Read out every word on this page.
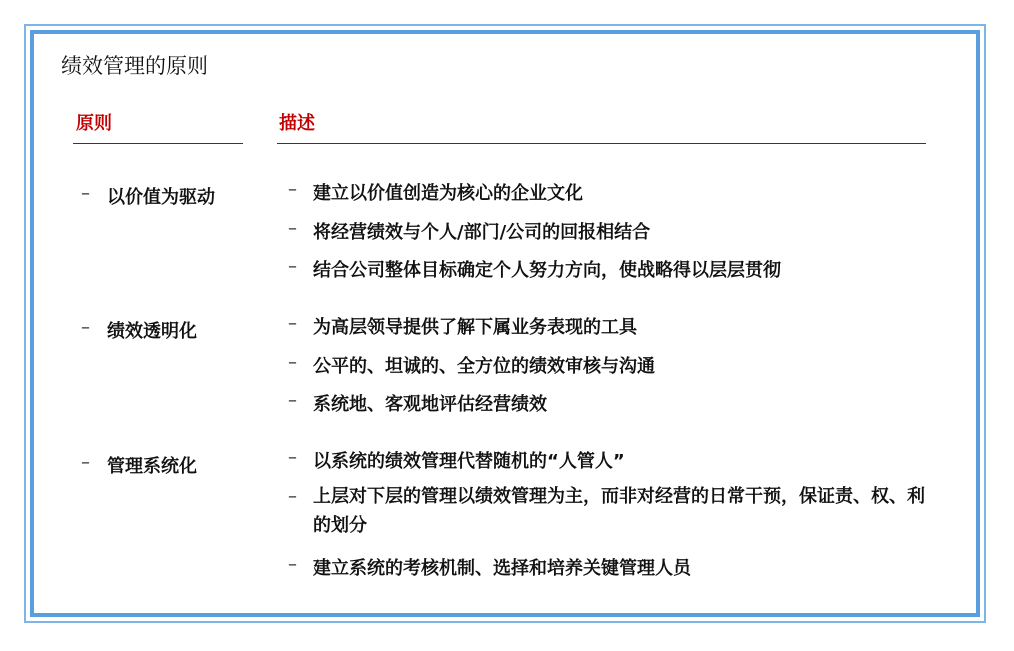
绩效管理的原则
原则	描述
– 以价值为驱动	– 建立以价值创造为核心的企业文化
– 将经营绩效与个人/部门/公司的回报相结合
– 结合公司整体目标确定个人努力方向，使战略得以层层贯彻
– 绩效透明化	– 为高层领导提供了解下属业务表现的工具
– 公平的、坦诚的、全方位的绩效审核与沟通
– 系统地、客观地评估经营绩效
– 管理系统化	– 以系统的绩效管理代替随机的“人管人”
– 上层对下层的管理以绩效管理为主，而非对经营的日常干预，保证责、权、利的划分
– 建立系统的考核机制、选择和培养关键管理人员
